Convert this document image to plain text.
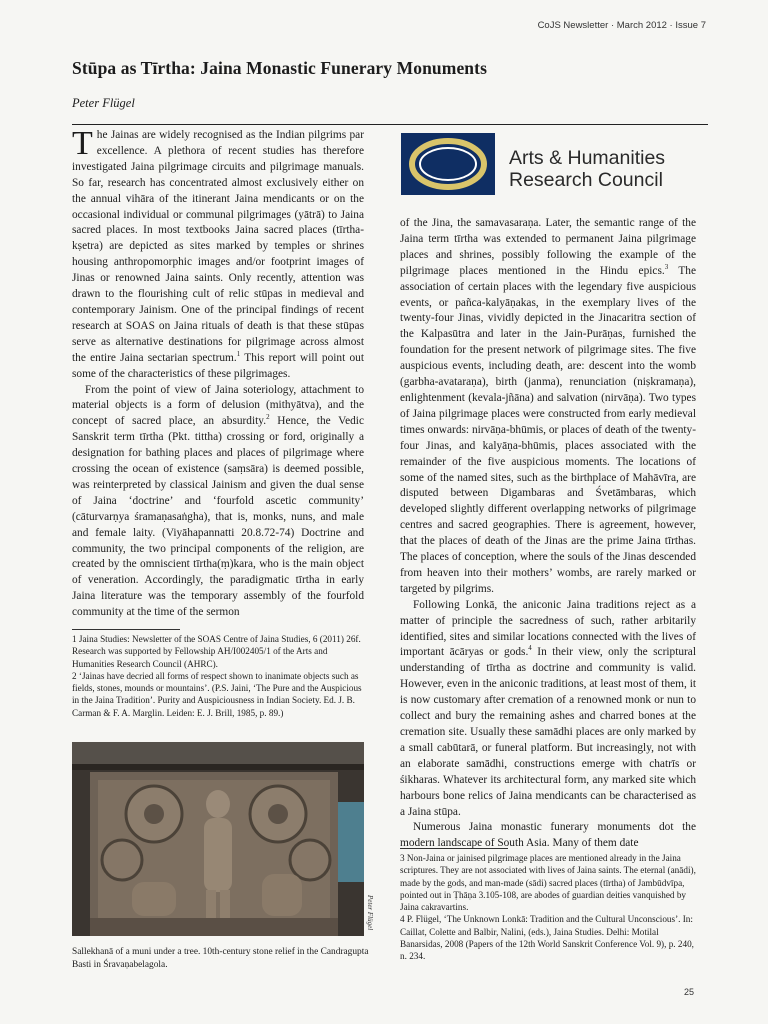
CoJS Newsletter · March 2012 · Issue 7
Stūpa as Tīrtha: Jaina Monastic Funerary Monuments
Peter Flügel

The Jainas are widely recognised as the Indian pilgrims par excellence. A plethora of recent studies has therefore investigated Jaina pilgrimage circuits and pilgrimage manuals. So far, research has concentrated almost exclusively either on the annual vihāra of the itinerant Jaina mendicants or on the occasional individual or communal pilgrimages (yātrā) to Jaina sacred places. In most textbooks Jaina sacred places (tīrtha-kṣetra) are depicted as sites marked by temples or shrines housing anthropomorphic images and/or footprint images of Jinas or renowned Jaina saints. Only recently, attention was drawn to the flourishing cult of relic stūpas in medieval and contemporary Jainism. One of the principal findings of recent research at SOAS on Jaina rituals of death is that these stūpas serve as alternative destinations for pilgrimage across almost the entire Jaina sectarian spectrum.$^1$ This report will point out some of the characteristics of these pilgrimages.

From the point of view of Jaina soteriology, attachment to material objects is a form of delusion (mithyātva), and the concept of sacred place, an absurdity.$^2$ Hence, the Vedic Sanskrit term tīrtha (Pkt. tittha) crossing or ford, originally a designation for bathing places and places of pilgrimage where crossing the ocean of existence (saṃsāra) is deemed possible, was reinterpreted by classical Jainism and given the dual sense of Jaina ‘doctrine’ and ‘fourfold ascetic community’ (cāturvarṇya śramaṇasaṅgha), that is, monks, nuns, and male and female laity. (Viyāhapannatti 20.8.72-74) Doctrine and community, the two principal components of the religion, are created by the omniscient tīrtha(ṃ)kara, who is the main object of veneration. Accordingly, the paradigmatic tīrtha in early Jaina literature was the temporary assembly of the fourfold community at the time of the sermon

1 Jaina Studies: Newsletter of the SOAS Centre of Jaina Studies, 6 (2011) 26f. Research was supported by Fellowship AH/I002405/1 of the Arts and Humanities Research Council (AHRC).

2 ‘Jainas have decried all forms of respect shown to inanimate objects such as fields, stones, mounds or mountains’. (P.S. Jaini, ‘The Pure and the Auspicious in the Jaina Tradition’. Purity and Auspiciousness in Indian Society. Ed. J. B. Carman & F. A. Marglin. Leiden: E. J. Brill, 1985, p. 89.)

Arts & Humanities
Research Council

of the Jina, the samavasaraṇa. Later, the semantic range of the Jaina term tīrtha was extended to permanent Jaina pilgrimage places and shrines, possibly following the example of the pilgrimage places mentioned in the Hindu epics.$^3$ The association of certain places with the legendary five auspicious events, or pañca-kalyāṇakas, in the exemplary lives of the twenty-four Jinas, vividly depicted in the Jinacaritra section of the Kalpasūtra and later in the Jain-Purāṇas, furnished the foundation for the present network of pilgrimage sites. The five auspicious events, including death, are: descent into the womb (garbha-avataraṇa), birth (janma), renunciation (niṣkramaṇa), enlightenment (kevala-jñāna) and salvation (nirvāṇa). Two types of Jaina pilgrimage places were constructed from early medieval times onwards: nirvāṇa-bhūmis, or places of death of the twenty-four Jinas, and kalyāṇa-bhūmis, places associated with the remainder of the five auspicious moments. The locations of some of the named sites, such as the birthplace of Mahāvīra, are disputed between Digambaras and Śvetāmbaras, which developed slightly different overlapping networks of pilgrimage centres and sacred geographies. There is agreement, however, that the places of death of the Jinas are the prime Jaina tīrthas. The places of conception, where the souls of the Jinas descended from heaven into their mothers’ wombs, are rarely marked or targeted by pilgrims.

Following Lonkā, the aniconic Jaina traditions reject as a matter of principle the sacredness of such, rather arbitarily identified, sites and similar locations connected with the lives of important ācāryas or gods.$^4$ In their view, only the scriptural understanding of tīrtha as doctrine and community is valid. However, even in the aniconic traditions, at least most of them, it is now customary after cremation of a renowned monk or nun to collect and bury the remaining ashes and charred bones at the cremation site. Usually these samādhi places are only marked by a small cabūtarā, or funeral platform. But increasingly, not with an elaborate samādhi, constructions emerge with chatrīs or śikharas. Whatever its architectural form, any marked site which harbours bone relics of Jaina mendicants can be characterised as a Jaina stūpa.

Numerous Jaina monastic funerary monuments dot the modern landscape of South Asia. Many of them date

3 Non-Jaina or jainised pilgrimage places are mentioned already in the Jaina scriptures. They are not associated with lives of Jaina saints. The eternal (anādi), made by the gods, and man-made (sādi) sacred places (tīrtha) of Jambūdvīpa, pointed out in Ṭhāṇa 3.105-108, are abodes of guardian deities vanquished by Jaina cakravartins.

4 P. Flügel, ‘The Unknown Lonkā: Tradition and the Cultural Unconscious’. In: Caillat, Colette and Balbir, Nalini, (eds.), Jaina Studies. Delhi: Motilal Banarsidas, 2008 (Papers of the 12th World Sanskrit Conference Vol. 9), p. 240, n. 234.

Peter Flügel
Sallekhanā of a muni under a tree. 10th-century stone relief in the Candragupta Basti in Śravaṇabelagola.
25
